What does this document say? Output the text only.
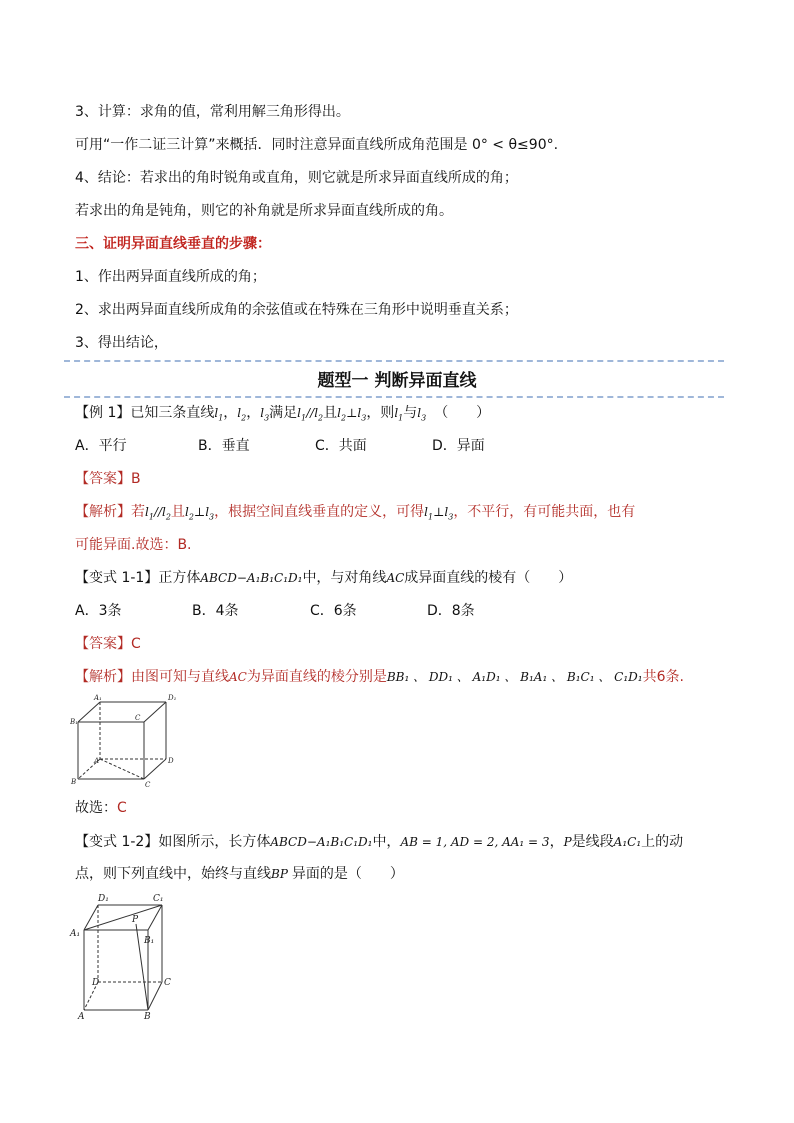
3、计算：求角的值，常利用解三角形得出。
可用“一作二证三计算”来概括．同时注意异面直线所成角范围是 0° < θ≤90°.
4、结论：若求出的角时锐角或直角，则它就是所求异面直线所成的角；
若求出的角是钝角，则它的补角就是所求异面直线所成的角。
三、证明异面直线垂直的步骤：
1、作出两异面直线所成的角；
2、求出两异面直线所成角的余弦值或在特殊在三角形中说明垂直关系；
3、得出结论，
题型一 判断异面直线
【例 1】已知三条直线$l_1$，$l_2$，$l_3$满足$l_1//l_2$且$l_2\perp l_3$，则$l_1$与$l_3$ （　　）
A．平行	B．垂直	C．共面	D．异面
【答案】B
【解析】若$l_1//l_2$且$l_2\perp l_3$，根据空间直线垂直的定义，可得$l_1\perp l_3$，不平行，有可能共面，也有
可能异面.故选：B.
【变式 1-1】正方体ABCD−A₁B₁C₁D₁中，与对角线AC成异面直线的棱有（　　）
A．3条	B．4条	C．6条	D．8条
【答案】C
【解析】由图可知与直线AC为异面直线的棱分别是BB₁ 、 DD₁ 、 A₁D₁ 、 B₁A₁ 、 B₁C₁ 、 C₁D₁共6条.
A₁	D₁
B₁	C
A	D
B	C
故选：C
【变式 1-2】如图所示，长方体ABCD−A₁B₁C₁D₁中，AB = 1, AD = 2, AA₁ = 3，P是线段A₁C₁上的动
点，则下列直线中，始终与直线BP 异面的是（　　）
D₁	C₁
P
A₁
B₁
D	C
A	B
